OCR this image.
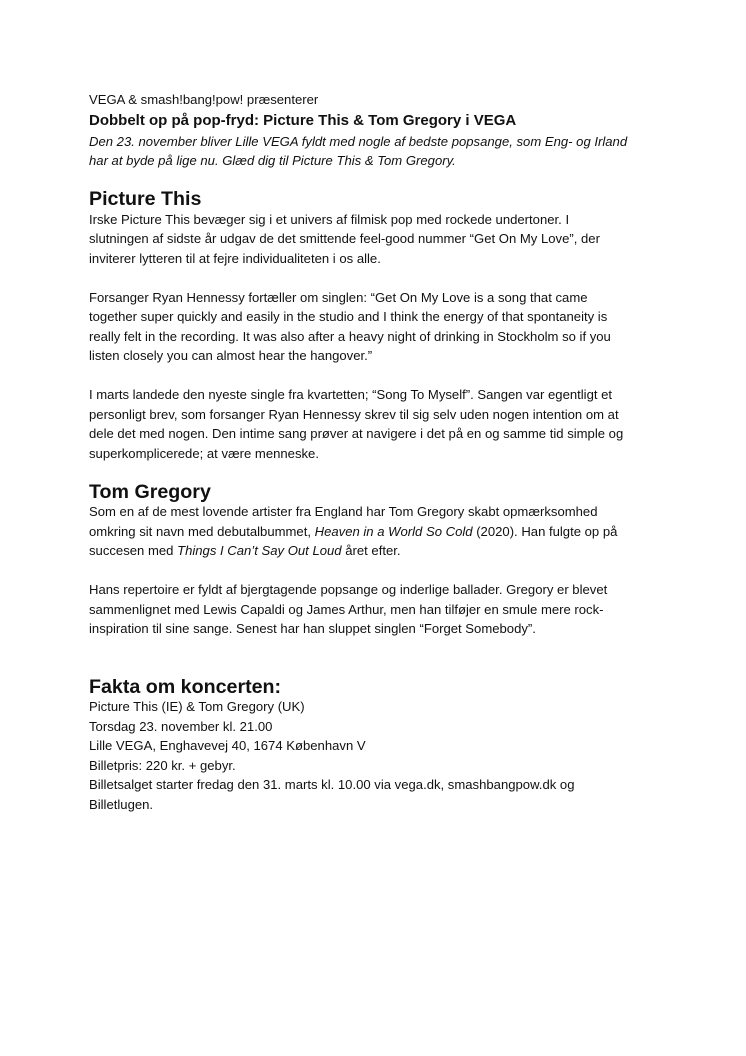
VEGA & smash!bang!pow! præsenterer

Dobbelt op på pop-fryd: Picture This & Tom Gregory i VEGA

Den 23. november bliver Lille VEGA fyldt med nogle af bedste popsange, som Eng- og Irland
har at byde på lige nu. Glæd dig til Picture This & Tom Gregory.

Picture This

Irske Picture This bevæger sig i et univers af filmisk pop med rockede undertoner. I
slutningen af sidste år udgav de det smittende feel-good nummer “Get On My Love”, der
inviterer lytteren til at fejre individualiteten i os alle.

Forsanger Ryan Hennessy fortæller om singlen: “Get On My Love is a song that came
together super quickly and easily in the studio and I think the energy of that spontaneity is
really felt in the recording. It was also after a heavy night of drinking in Stockholm so if you
listen closely you can almost hear the hangover.”

I marts landede den nyeste single fra kvartetten; “Song To Myself”. Sangen var egentligt et
personligt brev, som forsanger Ryan Hennessy skrev til sig selv uden nogen intention om at
dele det med nogen. Den intime sang prøver at navigere i det på en og samme tid simple og
superkomplicerede; at være menneske.

Tom Gregory

Som en af de mest lovende artister fra England har Tom Gregory skabt opmærksomhed
omkring sit navn med debutalbummet, Heaven in a World So Cold (2020). Han fulgte op på
succesen med Things I Can’t Say Out Loud året efter.

Hans repertoire er fyldt af bjergtagende popsange og inderlige ballader. Gregory er blevet
sammenlignet med Lewis Capaldi og James Arthur, men han tilføjer en smule mere rock-
inspiration til sine sange. Senest har han sluppet singlen “Forget Somebody”.

Fakta om koncerten:

Picture This (IE) & Tom Gregory (UK)
Torsdag 23. november kl. 21.00
Lille VEGA, Enghavevej 40, 1674 København V
Billetpris: 220 kr. + gebyr.
Billetsalget starter fredag den 31. marts kl. 10.00 via vega.dk, smashbangpow.dk og
Billetlugen.
